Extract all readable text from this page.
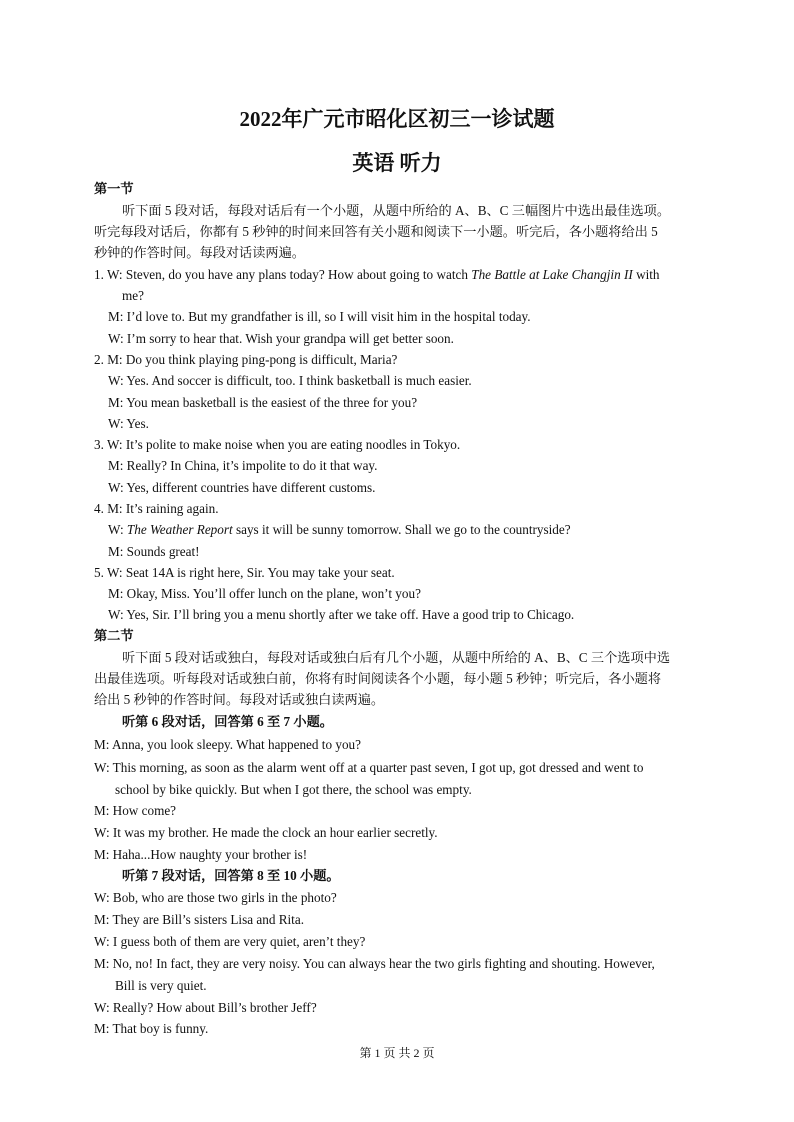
2022年广元市昭化区初三一诊试题
英语 听力
第一节
听下面 5 段对话，每段对话后有一个小题，从题中所给的 A、B、C 三幅图片中选出最佳选项。
听完每段对话后，你都有 5 秒钟的时间来回答有关小题和阅读下一小题。听完后，各小题将给出 5
秒钟的作答时间。每段对话读两遍。
1. W: Steven, do you have any plans today? How about going to watch The Battle at Lake Changjin II with
me?
M: I’d love to. But my grandfather is ill, so I will visit him in the hospital today.
W: I’m sorry to hear that. Wish your grandpa will get better soon.
2. M: Do you think playing ping-pong is difficult, Maria?
W: Yes. And soccer is difficult, too. I think basketball is much easier.
M: You mean basketball is the easiest of the three for you?
W: Yes.
3. W: It’s polite to make noise when you are eating noodles in Tokyo.
M: Really? In China, it’s impolite to do it that way.
W: Yes, different countries have different customs.
4. M: It’s raining again.
W: The Weather Report says it will be sunny tomorrow. Shall we go to the countryside?
M: Sounds great!
5. W: Seat 14A is right here, Sir. You may take your seat.
M: Okay, Miss. You’ll offer lunch on the plane, won’t you?
W: Yes, Sir. I’ll bring you a menu shortly after we take off. Have a good trip to Chicago.
第二节
听下面 5 段对话或独白，每段对话或独白后有几个小题，从题中所给的 A、B、C 三个选项中选
出最佳选项。听每段对话或独白前，你将有时间阅读各个小题，每小题 5 秒钟；听完后，各小题将
给出 5 秒钟的作答时间。每段对话或独白读两遍。
听第 6 段对话，回答第 6 至 7 小题。
M: Anna, you look sleepy. What happened to you?
W: This morning, as soon as the alarm went off at a quarter past seven, I got up, got dressed and went to
school by bike quickly. But when I got there, the school was empty.
M: How come?
W: It was my brother. He made the clock an hour earlier secretly.
M: Haha...How naughty your brother is!
听第 7 段对话，回答第 8 至 10 小题。
W: Bob, who are those two girls in the photo?
M: They are Bill’s sisters Lisa and Rita.
W: I guess both of them are very quiet, aren’t they?
M: No, no! In fact, they are very noisy. You can always hear the two girls fighting and shouting. However,
Bill is very quiet.
W: Really? How about Bill’s brother Jeff?
M: That boy is funny.
第 1 页 共 2 页
